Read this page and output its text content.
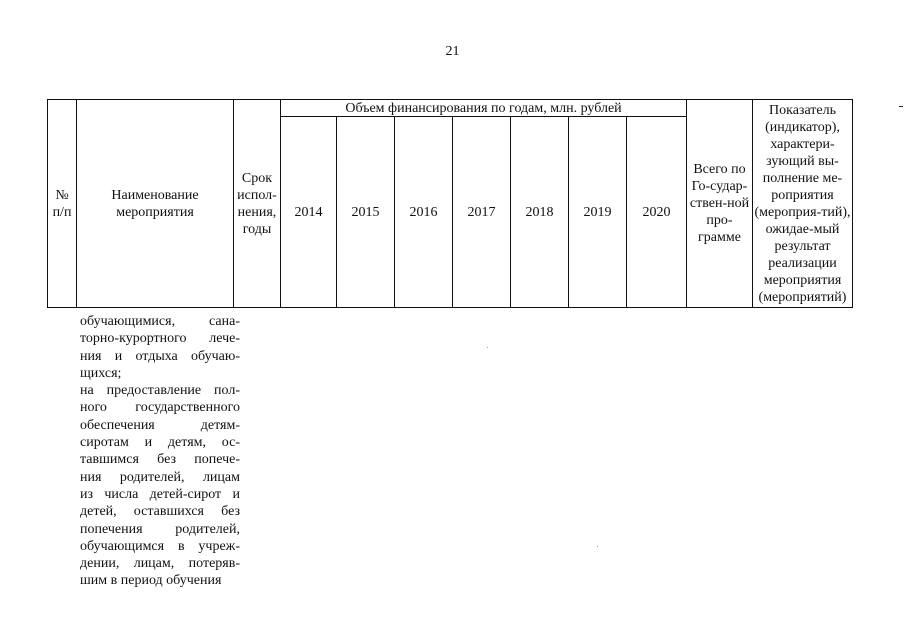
21
№ п/п	Наименование мероприятия	Срок испол-нения, годы	Объем финансирования по годам, млн. рублей							Всего по Го-судар-ствен-ной про-грамме	Показатель (индикатор), характери-зующий вы-полнение ме-роприятия (мероприя-тий), ожидае-мый результат реализации мероприятия (мероприятий)
			2014	2015	2016	2017	2018	2019	2020		

обучающимися, сана-

торно-курортного лече-

ния и отдыха обучаю-

щихся;

на предоставление пол-

ного государственного

обеспечения детям-

сиротам и детям, ос-

тавшимся без попече-

ния родителей, лицам

из числа детей-сирот и

детей, оставшихся без

попечения родителей,

обучающимся в учреж-

дении, лицам, потеряв-

шим в период обучения
